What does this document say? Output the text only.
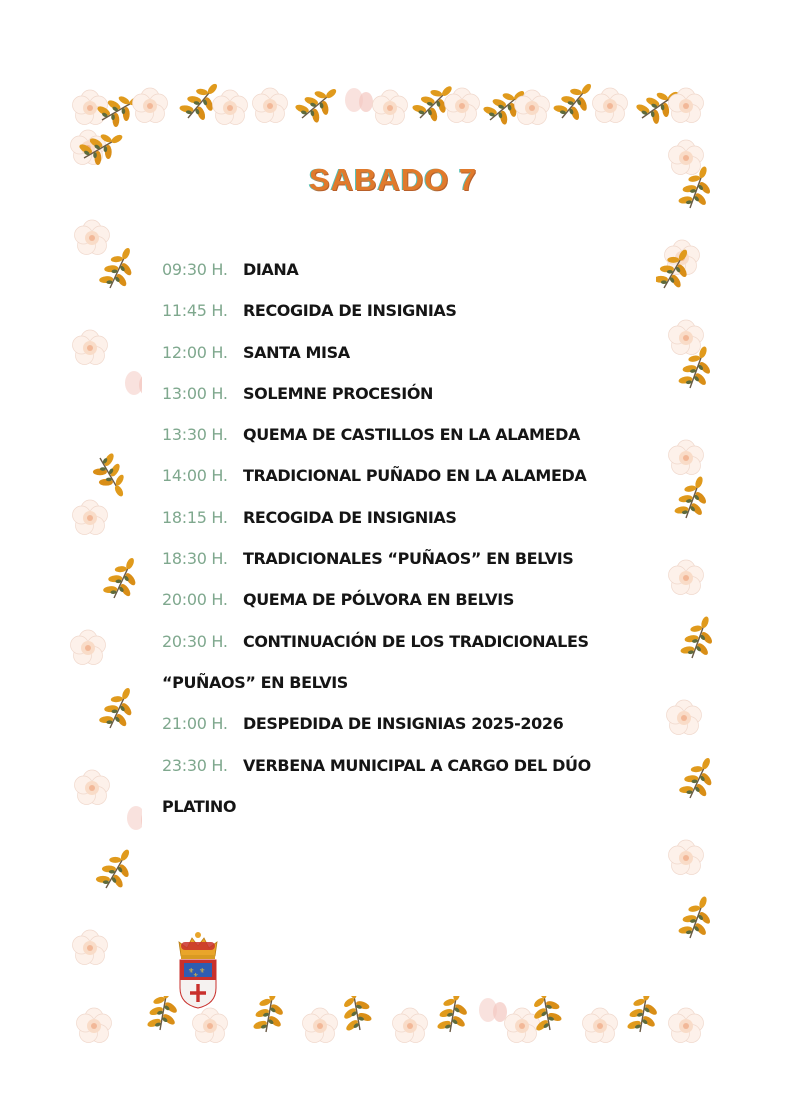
SABADO 7
09:30 H. DIANA
11:45 H. RECOGIDA DE INSIGNIAS
12:00 H. SANTA MISA
13:00 H. SOLEMNE PROCESIÓN
13:30 H. QUEMA DE CASTILLOS EN LA ALAMEDA
14:00 H. TRADICIONAL PUÑADO EN LA ALAMEDA
18:15 H. RECOGIDA DE INSIGNIAS
18:30 H. TRADICIONALES “PUÑAOS” EN BELVIS
20:00 H. QUEMA DE PÓLVORA EN BELVIS
20:30 H. CONTINUACIÓN DE LOS TRADICIONALES
“PUÑAOS” EN BELVIS
21:00 H. DESPEDIDA DE INSIGNIAS 2025-2026
23:30 H. VERBENA MUNICIPAL A CARGO DEL DÚO
PLATINO
⚜ ⚜
⚜
